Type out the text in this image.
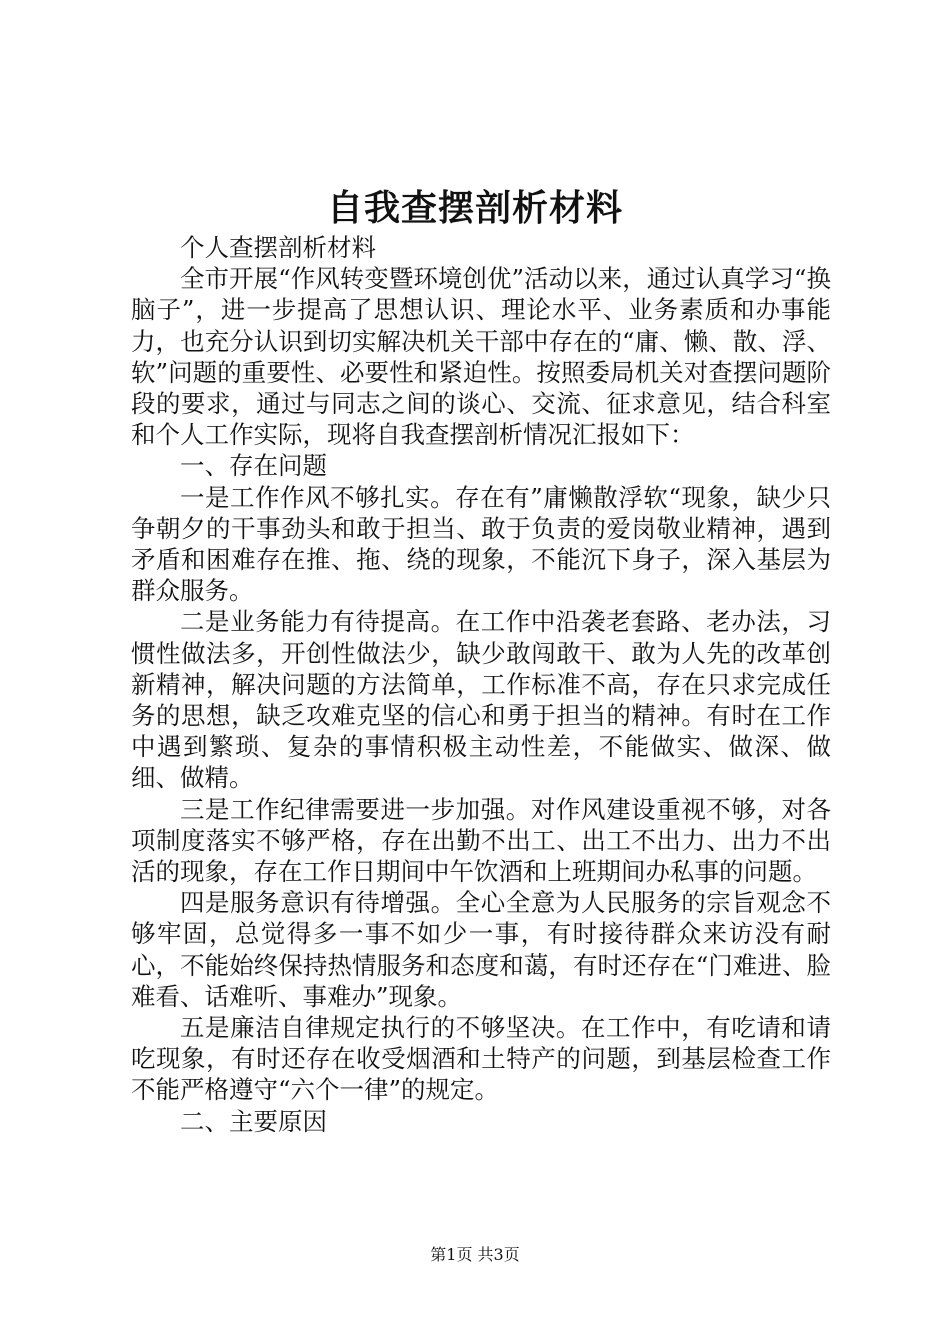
自我查摆剖析材料

个人查摆剖析材料

全市开展“作风转变暨环境创优”活动以来，通过认真学习“换脑子”，进一步提高了思想认识、理论水平、业务素质和办事能力，也充分认识到切实解决机关干部中存在的“庸、懒、散、浮、软”问题的重要性、必要性和紧迫性。按照委局机关对查摆问题阶段的要求，通过与同志之间的谈心、交流、征求意见，结合科室和个人工作实际，现将自我查摆剖析情况汇报如下：

一、存在问题

一是工作作风不够扎实。存在有”庸懒散浮软“现象，缺少只争朝夕的干事劲头和敢于担当、敢于负责的爱岗敬业精神，遇到矛盾和困难存在推、拖、绕的现象，不能沉下身子，深入基层为群众服务。

二是业务能力有待提高。在工作中沿袭老套路、老办法，习惯性做法多，开创性做法少，缺少敢闯敢干、敢为人先的改革创新精神，解决问题的方法简单，工作标准不高，存在只求完成任务的思想，缺乏攻难克坚的信心和勇于担当的精神。有时在工作中遇到繁琐、复杂的事情积极主动性差，不能做实、做深、做细、做精。

三是工作纪律需要进一步加强。对作风建设重视不够，对各项制度落实不够严格，存在出勤不出工、出工不出力、出力不出活的现象，存在工作日期间中午饮酒和上班期间办私事的问题。

四是服务意识有待增强。全心全意为人民服务的宗旨观念不够牢固，总觉得多一事不如少一事，有时接待群众来访没有耐心，不能始终保持热情服务和态度和蔼，有时还存在“门难进、脸难看、话难听、事难办”现象。

五是廉洁自律规定执行的不够坚决。在工作中，有吃请和请吃现象，有时还存在收受烟酒和土特产的问题，到基层检查工作不能严格遵守“六个一律”的规定。

二、主要原因

第1页 共3页
